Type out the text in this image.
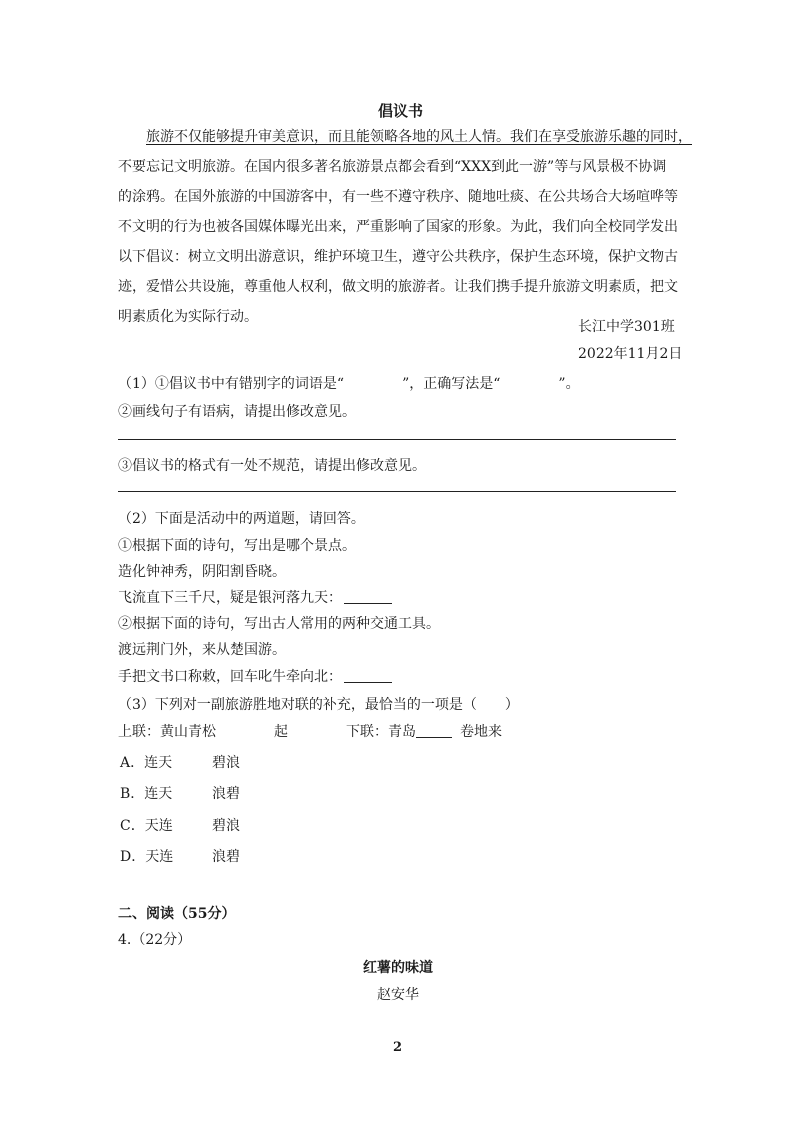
倡议书

旅游不仅能够提升审美意识，而且能领略各地的风土人情。我们在享受旅游乐趣的同时，

不要忘记文明旅游。在国内很多著名旅游景点都会看到“XXX到此一游”等与风景极不协调

的涂鸦。在国外旅游的中国游客中，有一些不遵守秩序、随地吐痰、在公共场合大场喧哗等

不文明的行为也被各国媒体曝光出来，严重影响了国家的形象。为此，我们向全校同学发出

以下倡议：树立文明出游意识，维护环境卫生，遵守公共秩序，保护生态环境，保护文物古

迹，爱惜公共设施，尊重他人权利，做文明的旅游者。让我们携手提升旅游文明素质，把文

明素质化为实际行动。

长江中学301班
2022年11月2日
（1）①倡议书中有错别字的词语是“	”，正确写法是“	”。
②画线句子有语病，请提出修改意见。
③倡议书的格式有一处不规范，请提出修改意见。
（2）下面是活动中的两道题，请回答。
①根据下面的诗句，写出是哪个景点。
造化钟神秀，阴阳割昏晓。
飞流直下三千尺，疑是银河落九天：
②根据下面的诗句，写出古人常用的两种交通工具。
渡远荆门外，来从楚国游。
手把文书口称敕，回车叱牛牵向北：
（3）下列对一副旅游胜地对联的补充，最恰当的一项是（　　）
上联：黄山青松	起	下联：青岛	卷地来
A．连天	碧浪
B．连天	浪碧
C．天连	碧浪
D．天连	浪碧
二、阅读（55分）
4.（22分）
红薯的味道
赵安华
2
